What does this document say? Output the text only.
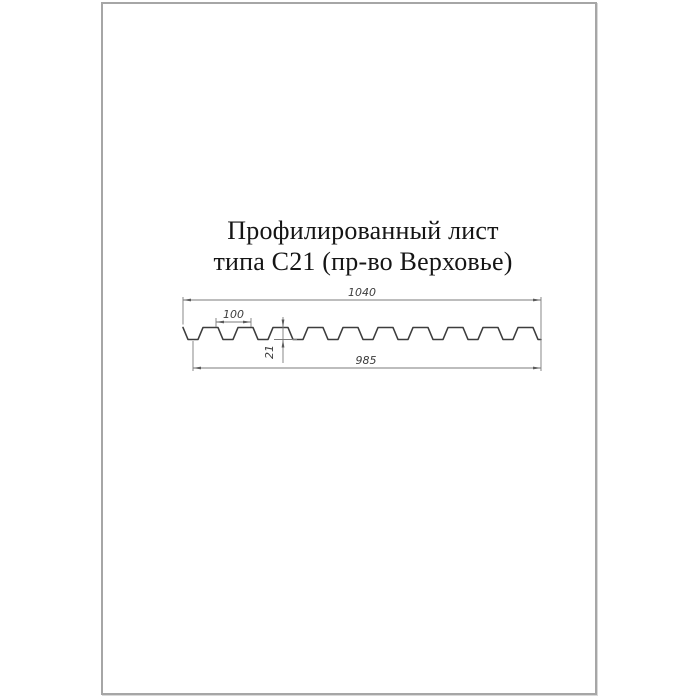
Профилированный лист
типа С21 (пр-во Верховье)
1040
100
21
985
